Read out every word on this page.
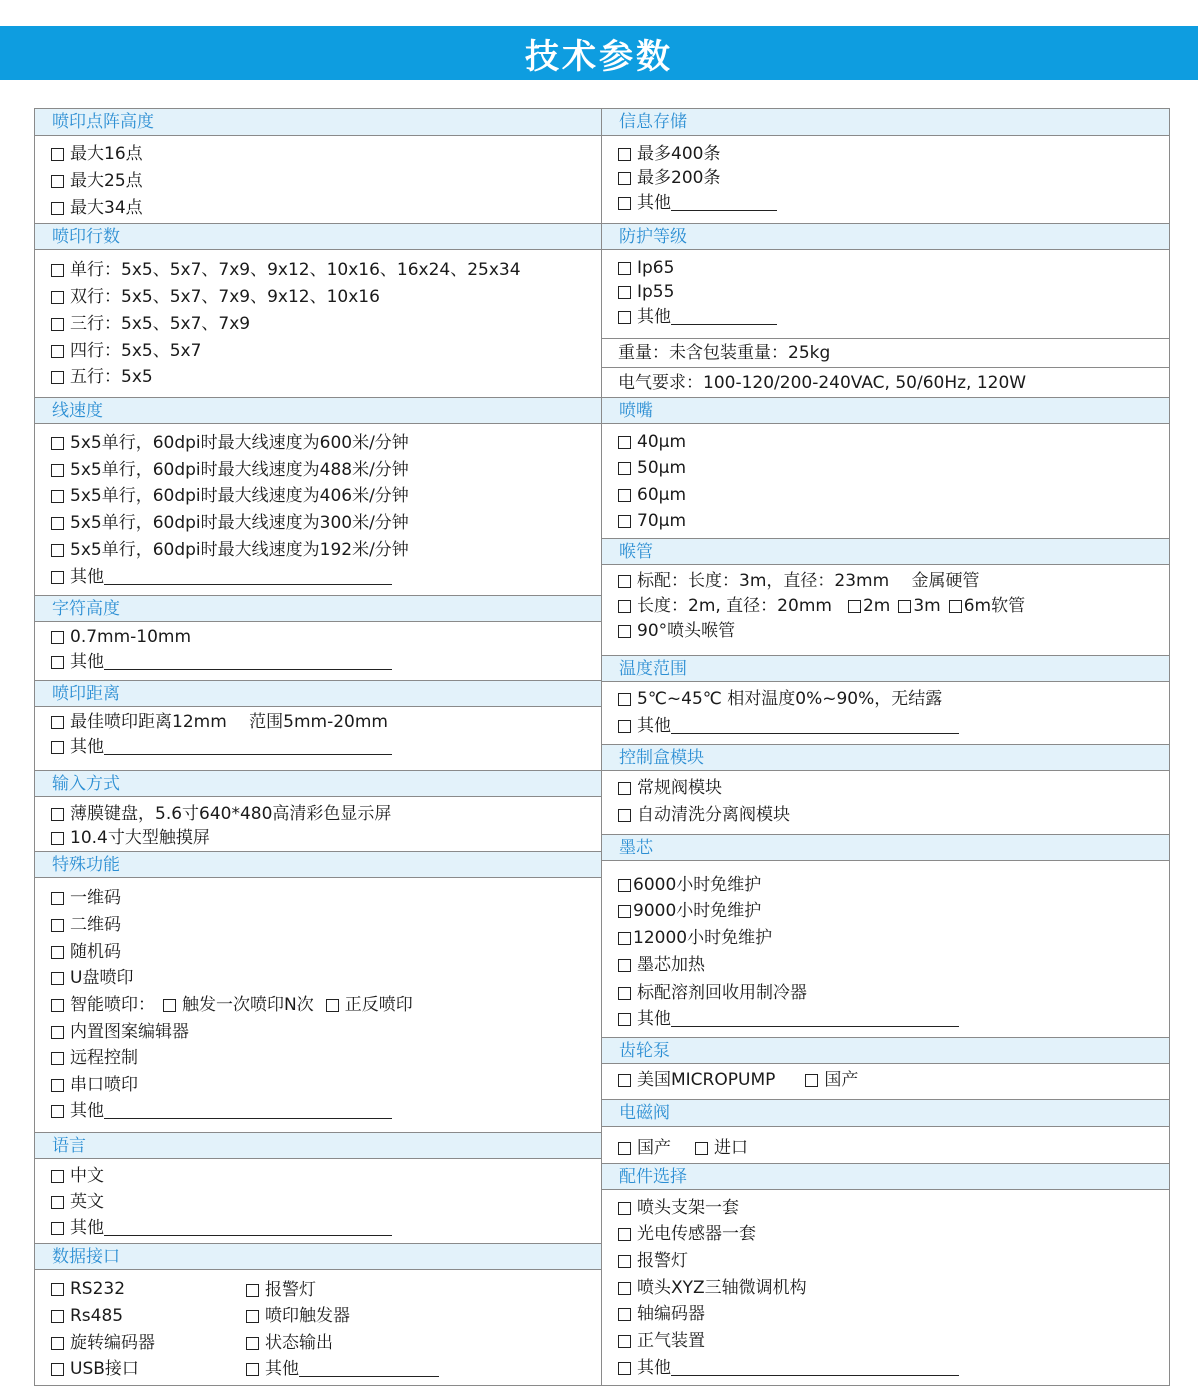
技术参数
喷印点阵高度
最大16点
最大25点
最大34点
喷印行数
单行：5x5、5x7、7x9、9x12、10x16、16x24、25x34
双行：5x5、5x7、7x9、9x12、10x16
三行：5x5、5x7、7x9
四行：5x5、5x7
五行：5x5
线速度
5x5单行，60dpi时最大线速度为600米/分钟
5x5单行，60dpi时最大线速度为488米/分钟
5x5单行，60dpi时最大线速度为406米/分钟
5x5单行，60dpi时最大线速度为300米/分钟
5x5单行，60dpi时最大线速度为192米/分钟
其他
字符高度
0.7mm-10mm
其他
喷印距离
最佳喷印距离12mm　 范围5mm-20mm
其他
输入方式
薄膜键盘，5.6寸640*480高清彩色显示屏
10.4寸大型触摸屏
特殊功能
一维码
二维码
随机码
U盘喷印
智能喷印： 触发一次喷印N次 正反喷印
内置图案编辑器
远程控制
串口喷印
其他
语言
中文
英文
其他
数据接口
RS232
Rs485
旋转编码器
USB接口
报警灯
喷印触发器
状态输出
其他
信息存储
最多400条
最多200条
其他
防护等级
Ip65
Ip55
其他
重量：未含包装重量：25kg
电气要求：100-120/200-240VAC, 50/60Hz, 120W
喷嘴
40μm
50μm
60μm
70μm
喉管
标配：长度：3m，直径：23mm　 金属硬管
长度：2m, 直径：20mm 2m 3m 6m软管
90°喷头喉管
温度范围
5℃~45℃ 相对温度0%~90%，无结露
其他
控制盒模块
常规阀模块
自动清洗分离阀模块
墨芯
6000小时免维护
9000小时免维护
12000小时免维护
墨芯加热
标配溶剂回收用制冷器
其他
齿轮泵
美国MICROPUMP	国产
电磁阀
国产	进口
配件选择
喷头支架一套
光电传感器一套
报警灯
喷头XYZ三轴微调机构
轴编码器
正气装置
其他
